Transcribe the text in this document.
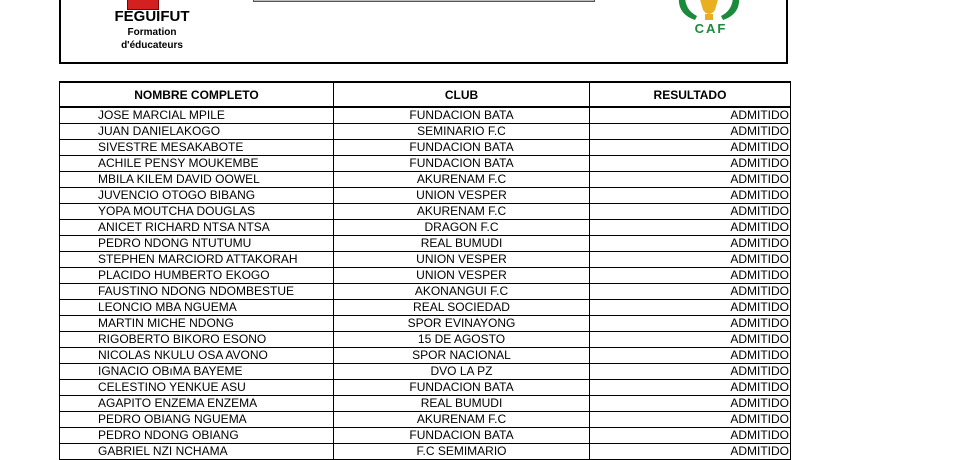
FEGUIFUT
Formation
d'éducateurs
CAF
NOMBRE COMPLETO	CLUB	RESULTADO
JOSE MARCIAL MPILE	FUNDACION BATA	ADMITIDO
JUAN DANIELAKOGO	SEMINARIO F.C	ADMITIDO
SIVESTRE MESAKABOTE	FUNDACION BATA	ADMITIDO
ACHILE PENSY MOUKEMBE	FUNDACION BATA	ADMITIDO
MBILA KILEM DAVID OOWEL	AKURENAM F.C	ADMITIDO
JUVENCIO OTOGO BIBANG	UNION VESPER	ADMITIDO
YOPA MOUTCHA DOUGLAS	AKURENAM F.C	ADMITIDO
ANICET RICHARD NTSA NTSA	DRAGON F.C	ADMITIDO
PEDRO NDONG NTUTUMU	REAL BUMUDI	ADMITIDO
STEPHEN MARCIORD ATTAKORAH	UNION VESPER	ADMITIDO
PLACIDO HUMBERTO EKOGO	UNION VESPER	ADMITIDO
FAUSTINO NDONG NDOMBESTUE	AKONANGUI F.C	ADMITIDO
LEONCIO MBA NGUEMA	REAL SOCIEDAD	ADMITIDO
MARTIN MICHE NDONG	SPOR EVINAYONG	ADMITIDO
RIGOBERTO BIKORO ESONO	15 DE AGOSTO	ADMITIDO
NICOLAS NKULU OSA AVONO	SPOR NACIONAL	ADMITIDO
IGNACIO OBıMA BAYEME	DVO LA PZ	ADMITIDO
CELESTINO YENKUE ASU	FUNDACION BATA	ADMITIDO
AGAPITO ENZEMA ENZEMA	REAL BUMUDI	ADMITIDO
PEDRO OBIANG NGUEMA	AKURENAM F.C	ADMITIDO
PEDRO NDONG OBIANG	FUNDACION BATA	ADMITIDO
GABRIEL NZI NCHAMA	F.C SEMIMARIO	ADMITIDO
